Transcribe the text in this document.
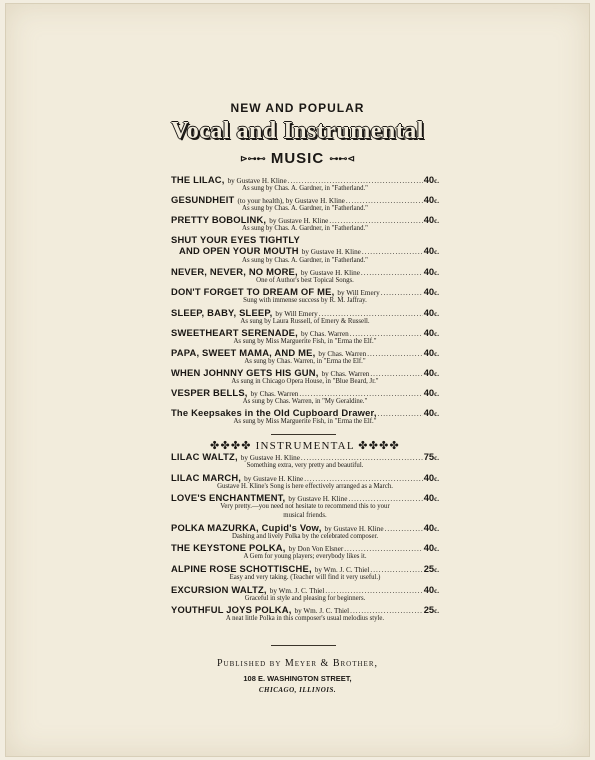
NEW AND POPULAR
Vocal and Instrumental
⊳⊶⊷ MUSIC ⊶⊷⊲
THE LILAC, by Gustave H. Kline .....	40c.
As sung by Chas. A. Gardner, in "Fatherland."
GESUNDHEIT (to your health), by Gustave H. Kline .....	40c.
As sung by Chas. A. Gardner, in "Fatherland."
PRETTY BOBOLINK, by Gustave H. Kline .....	40c.
As sung by Chas. A. Gardner, in "Fatherland."
SHUT YOUR EYES TIGHTLY
AND OPEN YOUR MOUTH by Gustave H. Kline .....	40c.
As sung by Chas. A. Gardner, in "Fatherland."
NEVER, NEVER, NO MORE, by Gustave H. Kline .....	40c.
One of Author's best Topical Songs.
DON'T FORGET TO DREAM OF ME, by Will Emery .....	40c.
Sung with immense success by R. M. Jaffray.
SLEEP, BABY, SLEEP, by Will Emery .....	40c.
As sung by Laura Russell, of Emery & Russell.
SWEETHEART SERENADE, by Chas. Warren .....	40c.
As sung by Miss Marguerite Fish, in "Erma the Elf."
PAPA, SWEET MAMA, AND ME, by Chas. Warren .....	40c.
As sung by Chas. Warren, in "Erma the Elf."
WHEN JOHNNY GETS HIS GUN, by Chas. Warren .....	40c.
As sung in Chicago Opera House, in "Blue Beard, Jr."
VESPER BELLS, by Chas. Warren .....	40c.
As sung by Chas. Warren, in "My Geraldine."
The Keepsakes in the Old Cupboard Drawer, .....	40c.
As sung by Miss Marguerite Fish, in "Erma the Elf."
✤✤✤✤ INSTRUMENTAL ✤✤✤✤
LILAC WALTZ, by Gustave H. Kline .....	75c.
Something extra, very pretty and beautiful.
LILAC MARCH, by Gustave H. Kline .....	40c.
Gustave H. Kline's Song is here effectively arranged as a March.
LOVE'S ENCHANTMENT, by Gustave H. Kline .....	40c.
Very pretty.—you need not hesitate to recommend this to your
musical friends.
POLKA MAZURKA, Cupid's Vow, by Gustave H. Kline .....	40c.
Dashing and lively Polka by the celebrated composer.
THE KEYSTONE POLKA, by Don Von Elsner .....	40c.
A Gem for young players; everybody likes it.
ALPINE ROSE SCHOTTISCHE, by Wm. J. C. Thiel .....	25c.
Easy and very taking. (Teacher will find it very useful.)
EXCURSION WALTZ, by Wm. J. C. Thiel .....	40c.
Graceful in style and pleasing for beginners.
YOUTHFUL JOYS POLKA, by Wm. J. C. Thiel .....	25c.
A neat little Polka in this composer's usual melodius style.
Published by Meyer & Brother,
108 E. WASHINGTON STREET,
CHICAGO, ILLINOIS.
